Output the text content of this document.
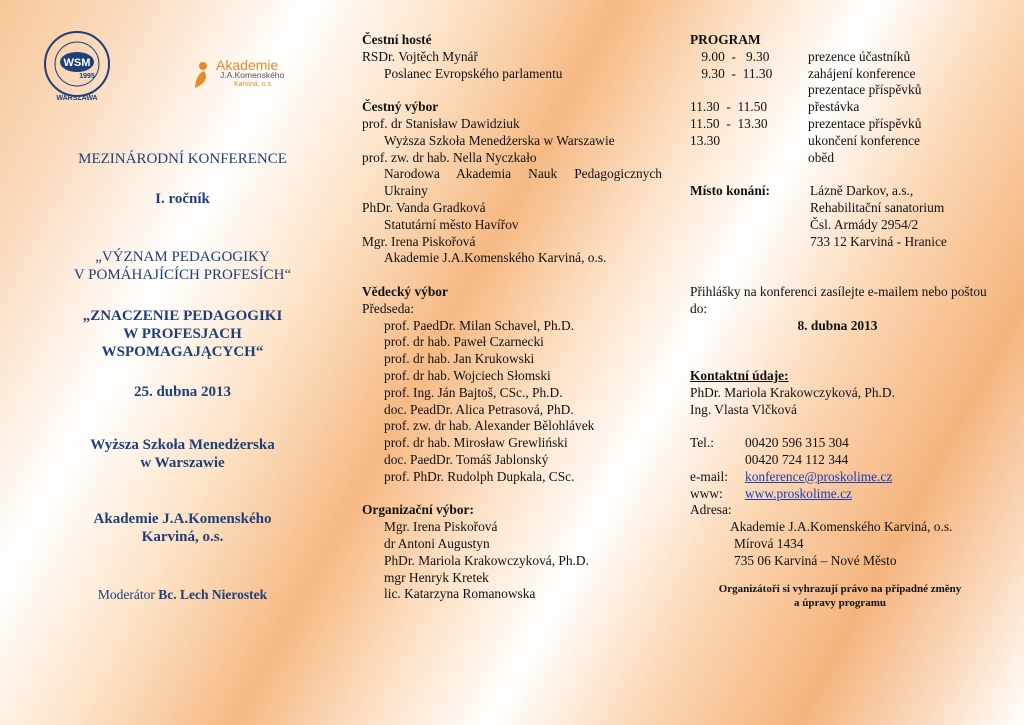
WSM
1995
WARSZAWA
Akademie
J.A.Komenského
Karviná, o.s.
MEZINÁRODNÍ KONFERENCE
I. ročník
„VÝZNAM PEDAGOGIKY
V POMÁHAJÍCÍCH PROFESÍCH“
„ZNACZENIE PEDAGOGIKI
W PROFESJACH
WSPOMAGAJĄCYCH“
25. dubna 2013
Wyższa Szkoła Menedżerska
w Warszawie
Akademie J.A.Komenského
Karviná, o.s.
Moderátor Bc. Lech Nierostek
Čestní hosté
RSDr. Vojtěch Mynář
Poslanec Evropského parlamentu
Čestný výbor
prof. dr Stanisław Dawidziuk
Wyższa Szkoła Menedżerska w Warszawie
prof. zw. dr hab. Nella Nyczkało
Narodowa Akademia Nauk Pedagogicznych Ukrainy
PhDr. Vanda Gradková
Statutární město Havířov
Mgr. Irena Piskořová
Akademie J.A.Komenského Karviná, o.s.
Vědecký výbor
Předseda:
prof. PaedDr. Milan Schavel, Ph.D.
prof. dr hab. Paweł Czarnecki
prof. dr hab. Jan Krukowski
prof. dr hab. Wojciech Słomski
prof. Ing. Ján Bajtoš, CSc., Ph.D.
doc. PeadDr. Alica Petrasová, PhD.
prof. zw. dr hab. Alexander Bělohlávek
prof. dr hab. Mirosław Grewliński
doc. PaedDr. Tomáš Jablonský
prof. PhDr. Rudolph Dupkala, CSc.
Organizační výbor:
Mgr. Irena Piskořová
dr Antoni Augustyn
PhDr. Mariola Krakowczyková, Ph.D.
mgr Henryk Kretek
lic. Katarzyna Romanowska
PROGRAM
9.00  -   9.30	prezence účastníků
9.30  -  11.30	zahájení konference
prezentace příspěvků
11.30  -  11.50	přestávka
11.50  -  13.30	prezentace příspěvků
13.30	ukončení konference
oběd
Místo konání:	Lázně Darkov, a.s.,
Rehabilitační sanatorium
Čsl. Armády 2954/2
733 12 Karviná - Hranice
Přihlášky na konferenci zasílejte e-mailem nebo poštou do:
8. dubna 2013
Kontaktní údaje:
PhDr. Mariola Krakowczyková, Ph.D.
Ing. Vlasta Vlčková
Tel.:	00420 596 315 304
00420 724 112 344
e-mail:	konference@proskolime.cz
www:	www.proskolime.cz
Adresa:
Akademie J.A.Komenského Karviná, o.s.
Mírová 1434
735 06 Karviná – Nové Město
Organizátoři si vyhrazují právo na případné změny
a úpravy programu
